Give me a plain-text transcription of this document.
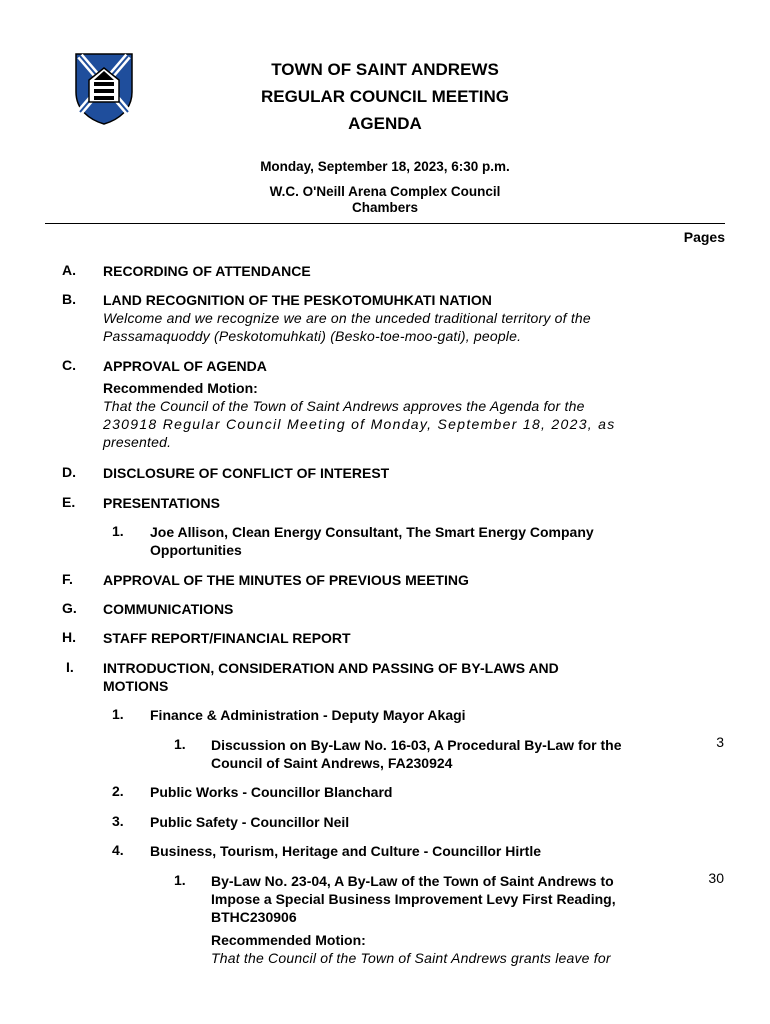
TOWN OF SAINT ANDREWS
REGULAR COUNCIL MEETING
AGENDA
Monday, September 18, 2023, 6:30 p.m.
W.C. O'Neill Arena Complex Council
Chambers
Pages
A. RECORDING OF ATTENDANCE
B. LAND RECOGNITION OF THE PESKOTOMUHKATI NATION
Welcome and we recognize we are on the unceded traditional territory of the
Passamaquoddy (Peskotomuhkati) (Besko-toe-moo-gati), people.
C. APPROVAL OF AGENDA
Recommended Motion:
That the Council of the Town of Saint Andrews approves the Agenda for the
230918 Regular Council Meeting of Monday, September 18, 2023, as
presented.
D. DISCLOSURE OF CONFLICT OF INTEREST
E. PRESENTATIONS
1. Joe Allison, Clean Energy Consultant, The Smart Energy Company
Opportunities
F. APPROVAL OF THE MINUTES OF PREVIOUS MEETING
G. COMMUNICATIONS
H. STAFF REPORT/FINANCIAL REPORT
I. INTRODUCTION, CONSIDERATION AND PASSING OF BY-LAWS AND
MOTIONS
1. Finance & Administration - Deputy Mayor Akagi
1. Discussion on By-Law No. 16-03, A Procedural By-Law for the
Council of Saint Andrews, FA230924
3
2. Public Works - Councillor Blanchard
3. Public Safety - Councillor Neil
4. Business, Tourism, Heritage and Culture - Councillor Hirtle
1. By-Law No. 23-04, A By-Law of the Town of Saint Andrews to
Impose a Special Business Improvement Levy First Reading,
BTHC230906
Recommended Motion:
That the Council of the Town of Saint Andrews grants leave for
30
